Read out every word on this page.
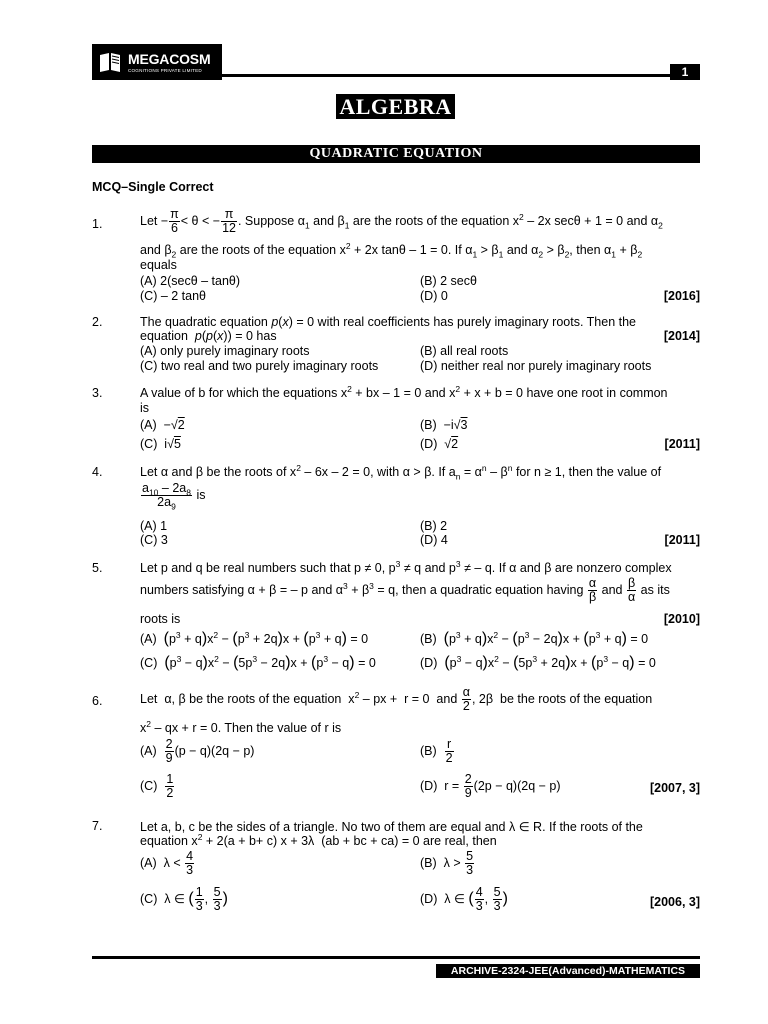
MEGACOSM
COGNITIONS PRIVATE LIMITED	1
ALGEBRA
QUADRATIC EQUATION
MCQ–Single Correct
1.	Let − $\frac{\pi}{6} < \theta$ < − $\frac{\pi}{12}$ . Suppose $\alpha_1$ and $\beta_1$ are the roots of the equation $x^2 - 2x$ secθ + 1 = 0 and $\alpha_2$
and $\beta_2$ are the roots of the equation $x^2 + 2x$ tanθ – 1 = 0. If $\alpha_1 > \beta_1$ and $\alpha_2 > \beta_2$, then $\alpha_1 + \beta_2$
equals
(A) 2(secθ – tanθ)	(B) 2 secθ
(C) – 2 tanθ	(D) 0	[2016]
2.	The quadratic equation p(x) = 0 with real coefficients has purely imaginary roots. Then the
equation  p(p(x)) = 0 has	[2014]
(A) only purely imaginary roots	(B) all real roots
(C) two real and two purely imaginary roots	(D) neither real nor purely imaginary roots
3.	A value of b for which the equations $x^2$ + bx – 1 = 0 and $x^2 + x + b = 0$ have one root in common
is
(A)  −√2	(B)  −i√3
(C)  i√5	(D)  √2	[2011]
4.	Let α and β be the roots of $x^2 - 6x - 2 = 0$, with α > β. If $a_n = \alpha^n - \beta^n$ for n ≥ 1, then the value of
$\frac{a_{10} - 2a_8}{2a_9}$ is
(A) 1	(B) 2
(C) 3	(D) 4	[2011]
5.	Let p and q be real numbers such that p ≠ 0, $p^3 \ne q$ and $p^3$ ≠ – q. If α and β are nonzero complex
numbers satisfying α + β = – p and $\alpha^3 + \beta^3 = q$, then a quadratic equation having $\frac{\alpha}{\beta}$ and $\frac{\beta}{\alpha}$ as its
roots is	[2010]
(A)  $(p^3 + q)x^2 - (p^3 + 2q)x + (p^3 + q) = 0$	(B)  $(p^3 + q)x^2 - (p^3 - 2q)x + (p^3 + q) = 0$
(C)  $(p^3 - q)x^2 - (5p^3 - 2q)x + (p^3 - q) = 0$	(D)  $(p^3 - q)x^2 - (5p^3 + 2q)x + (p^3 - q) = 0$
6.	Let  α, β be the roots of the equation  $x^2$ – px +  r = 0  and $\frac{\alpha}{2}$ , 2β  be the roots of the equation
$x^2$ – qx + r = 0. Then the value of r is
$(A) \frac{2}{9} (p - q)(2q - p)$	$(B) \frac{r}{2}$
$(C) \frac{1}{2}$	(D)  $r = \frac{2}{9} (2p - q)(2q - p)$	[2007, 3]
7.	Let a, b, c be the sides of a triangle. No two of them are equal and λ ∈ R. If the roots of the
equation $x^2 + 2(a + b+ c) x + 3\lambda$  (ab + bc + ca) = 0 are real, then
(A)  $\lambda < \frac{4}{3}$	(B)  $\lambda > \frac{5}{3}$
(C)  λ ∈ ( $\frac{1}{3}$ , $\frac{5}{3}$ )	(D)  λ ∈ ( $\frac{4}{3}$ , $\frac{5}{3}$ )	[2006, 3]
ARCHIVE-2324-JEE(Advanced)-MATHEMATICS
